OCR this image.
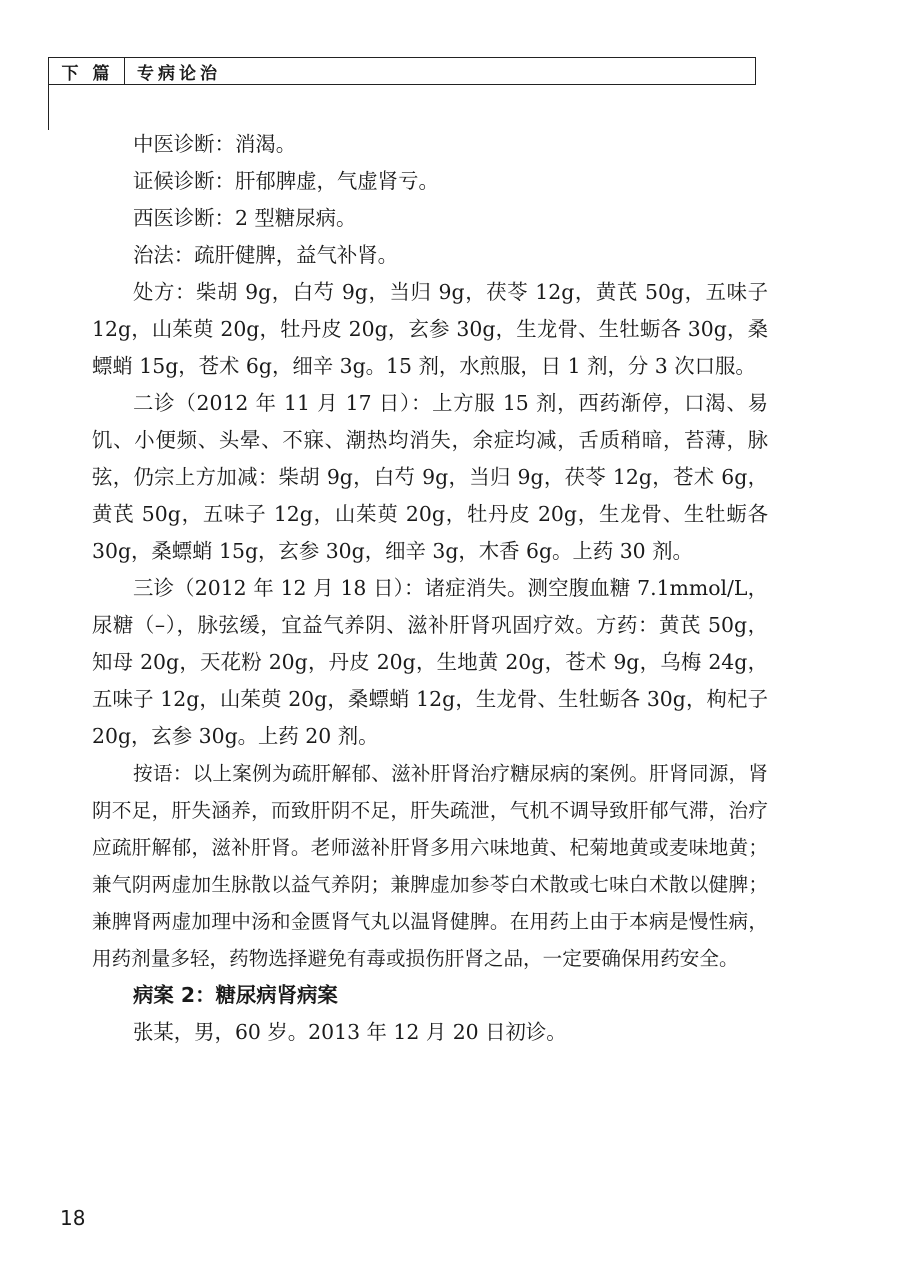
下篇 专病论治

中医诊断：消渴。

证候诊断：肝郁脾虚，气虚肾亏。

西医诊断：2 型糖尿病。

治法：疏肝健脾，益气补肾。

处方：柴胡 9g，白芍 9g，当归 9g，茯苓 12g，黄芪 50g，五味子 12g，山茱萸 20g，牡丹皮 20g，玄参 30g，生龙骨、生牡蛎各 30g，桑螵蛸 15g，苍术 6g，细辛 3g。15 剂，水煎服，日 1 剂，分 3 次口服。

二诊（2012 年 11 月 17 日）：上方服 15 剂，西药渐停，口渴、易饥、小便频、头晕、不寐、潮热均消失，余症均减，舌质稍暗，苔薄，脉弦，仍宗上方加减：柴胡 9g，白芍 9g，当归 9g，茯苓 12g，苍术 6g，黄芪 50g，五味子 12g，山茱萸 20g，牡丹皮 20g，生龙骨、生牡蛎各 30g，桑螵蛸 15g，玄参 30g，细辛 3g，木香 6g。上药 30 剂。

三诊（2012 年 12 月 18 日）：诸症消失。测空腹血糖 7.1mmol/L，尿糖（–），脉弦缓，宜益气养阴、滋补肝肾巩固疗效。方药：黄芪 50g，知母 20g，天花粉 20g，丹皮 20g，生地黄 20g，苍术 9g，乌梅 24g，五味子 12g，山茱萸 20g，桑螵蛸 12g，生龙骨、生牡蛎各 30g，枸杞子 20g，玄参 30g。上药 20 剂。

按语：以上案例为疏肝解郁、滋补肝肾治疗糖尿病的案例。肝肾同源，肾阴不足，肝失涵养，而致肝阴不足，肝失疏泄，气机不调导致肝郁气滞，治疗应疏肝解郁，滋补肝肾。老师滋补肝肾多用六味地黄、杞菊地黄或麦味地黄；兼气阴两虚加生脉散以益气养阴；兼脾虚加参苓白术散或七味白术散以健脾；兼脾肾两虚加理中汤和金匮肾气丸以温肾健脾。在用药上由于本病是慢性病，用药剂量多轻，药物选择避免有毒或损伤肝肾之品，一定要确保用药安全。

病案 2：糖尿病肾病案

张某，男，60 岁。2013 年 12 月 20 日初诊。

18
